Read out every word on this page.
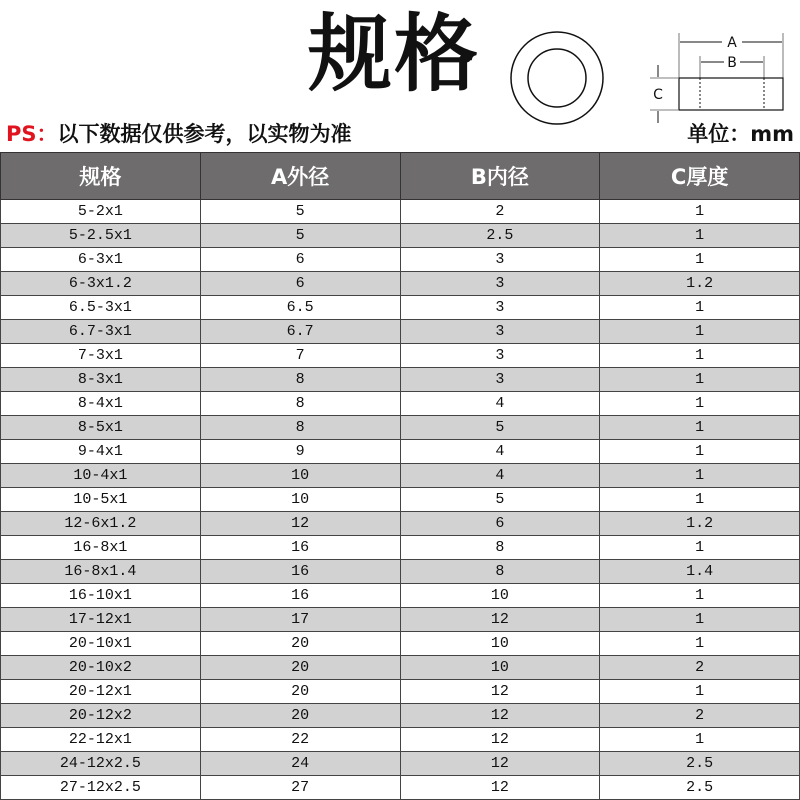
规格	A
B
C
PS：以下数据仅供参考，以实物为准	单位：mm
规格	A外径	B内径	C厚度
5-2x1	5	2	1
5-2.5x1	5	2.5	1
6-3x1	6	3	1
6-3x1.2	6	3	1.2
6.5-3x1	6.5	3	1
6.7-3x1	6.7	3	1
7-3x1	7	3	1
8-3x1	8	3	1
8-4x1	8	4	1
8-5x1	8	5	1
9-4x1	9	4	1
10-4x1	10	4	1
10-5x1	10	5	1
12-6x1.2	12	6	1.2
16-8x1	16	8	1
16-8x1.4	16	8	1.4
16-10x1	16	10	1
17-12x1	17	12	1
20-10x1	20	10	1
20-10x2	20	10	2
20-12x1	20	12	1
20-12x2	20	12	2
22-12x1	22	12	1
24-12x2.5	24	12	2.5
27-12x2.5	27	12	2.5
